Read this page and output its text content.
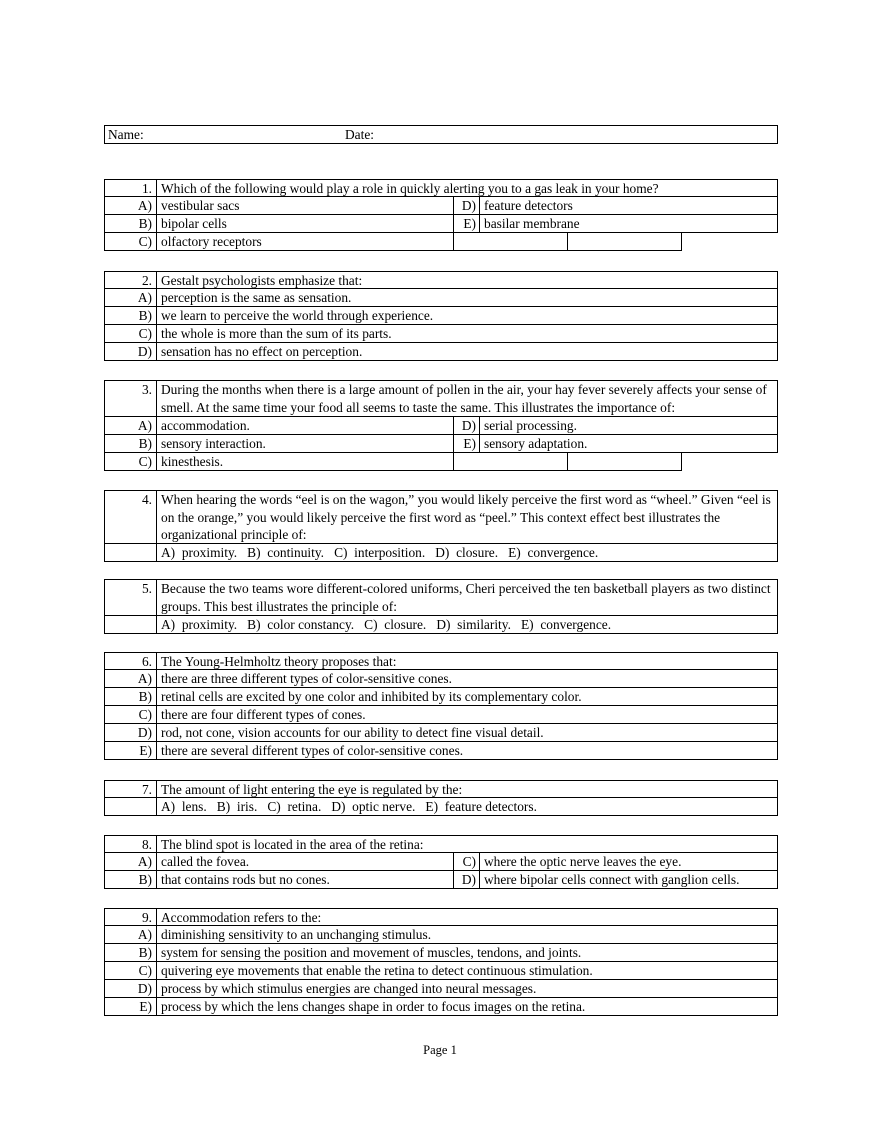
Name:	Date:
1. Which of the following would play a role in quickly alerting you to a gas leak in your home?
A) vestibular sacs	D) feature detectors
B) bipolar cells	E) basilar membrane
C) olfactory receptors
2. Gestalt psychologists emphasize that:
A) perception is the same as sensation.
B) we learn to perceive the world through experience.
C) the whole is more than the sum of its parts.
D) sensation has no effect on perception.
3. During the months when there is a large amount of pollen in the air, your hay fever severely affects your sense of smell. At the same time your food all seems to taste the same. This illustrates the importance of:
A) accommodation.	D) serial processing.
B) sensory interaction.	E) sensory adaptation.
C) kinesthesis.
4. When hearing the words “eel is on the wagon,” you would likely perceive the first word as “wheel.” Given “eel is on the orange,” you would likely perceive the first word as “peel.” This context effect best illustrates the organizational principle of:
A)  proximity.   B)  continuity.   C)  interposition.   D)  closure.   E)  convergence.
5. Because the two teams wore different-colored uniforms, Cheri perceived the ten basketball players as two distinct groups. This best illustrates the principle of:
A)  proximity.   B)  color constancy.   C)  closure.   D)  similarity.   E)  convergence.
6. The Young-Helmholtz theory proposes that:
A) there are three different types of color-sensitive cones.
B) retinal cells are excited by one color and inhibited by its complementary color.
C) there are four different types of cones.
D) rod, not cone, vision accounts for our ability to detect fine visual detail.
E) there are several different types of color-sensitive cones.
7. The amount of light entering the eye is regulated by the:
A)  lens.   B)  iris.   C)  retina.   D)  optic nerve.   E)  feature detectors.
8. The blind spot is located in the area of the retina:
A) called the fovea.	C) where the optic nerve leaves the eye.
B) that contains rods but no cones.	D) where bipolar cells connect with ganglion cells.
9. Accommodation refers to the:
A) diminishing sensitivity to an unchanging stimulus.
B) system for sensing the position and movement of muscles, tendons, and joints.
C) quivering eye movements that enable the retina to detect continuous stimulation.
D) process by which stimulus energies are changed into neural messages.
E) process by which the lens changes shape in order to focus images on the retina.
Page 1
